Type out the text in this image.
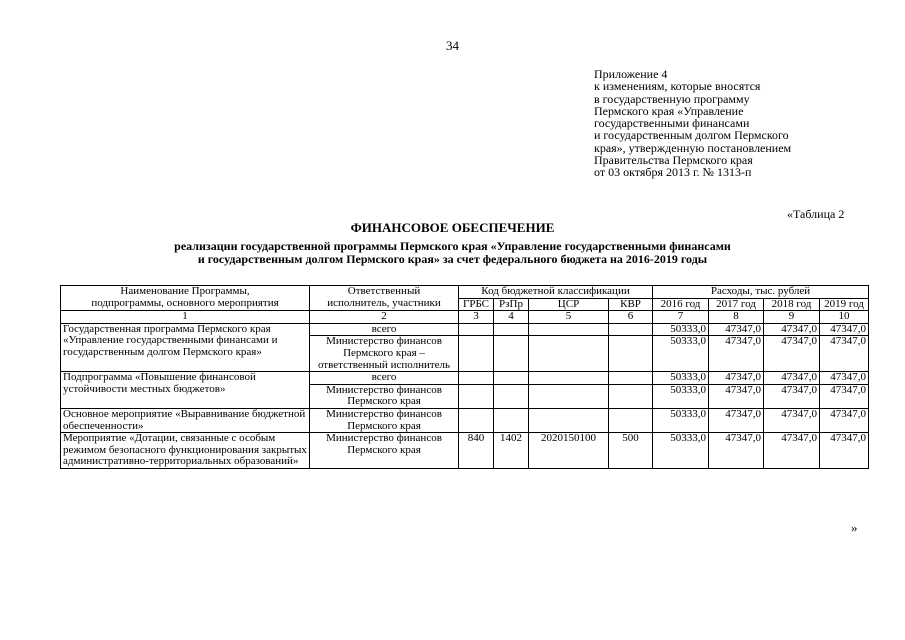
34
Приложение 4
к изменениям, которые вносятся
в государственную программу
Пермского края «Управление
государственными финансами
и государственным долгом Пермского
края», утвержденную постановлением
Правительства Пермского края
от 03 октября 2013 г. № 1313-п
«Таблица 2
ФИНАНСОВОЕ ОБЕСПЕЧЕНИЕ
реализации государственной программы Пермского края «Управление государственными финансами
и государственным долгом Пермского края» за счет федерального бюджета на 2016-2019 годы
Наименование Программы,
подпрограммы, основного мероприятия	Ответственный
исполнитель, участники	Код бюджетной классификации				Расходы, тыс. рублей			
		ГРБС	РзПр	ЦСР	КВР	2016 год	2017 год	2018 год	2019 год
1	2	3	4	5	6	7	8	9	10
Государственная программа Пермского края «Управление государственными финансами и государственным долгом Пермского края»	всего					50333,0	47347,0	47347,0	47347,0
	Министерство финансов Пермского края – ответственный исполнитель					50333,0	47347,0	47347,0	47347,0
Подпрограмма «Повышение финансовой устойчивости местных бюджетов»	всего					50333,0	47347,0	47347,0	47347,0
	Министерство финансов Пермского края					50333,0	47347,0	47347,0	47347,0
Основное мероприятие «Выравнивание бюджетной обеспеченности»	Министерство финансов Пермского края					50333,0	47347,0	47347,0	47347,0
Мероприятие «Дотации, связанные с особым режимом безопасного функционирования закрытых административно-территориальных образований»	Министерство финансов Пермского края	840	1402	2020150100	500	50333,0	47347,0	47347,0	47347,0
»
